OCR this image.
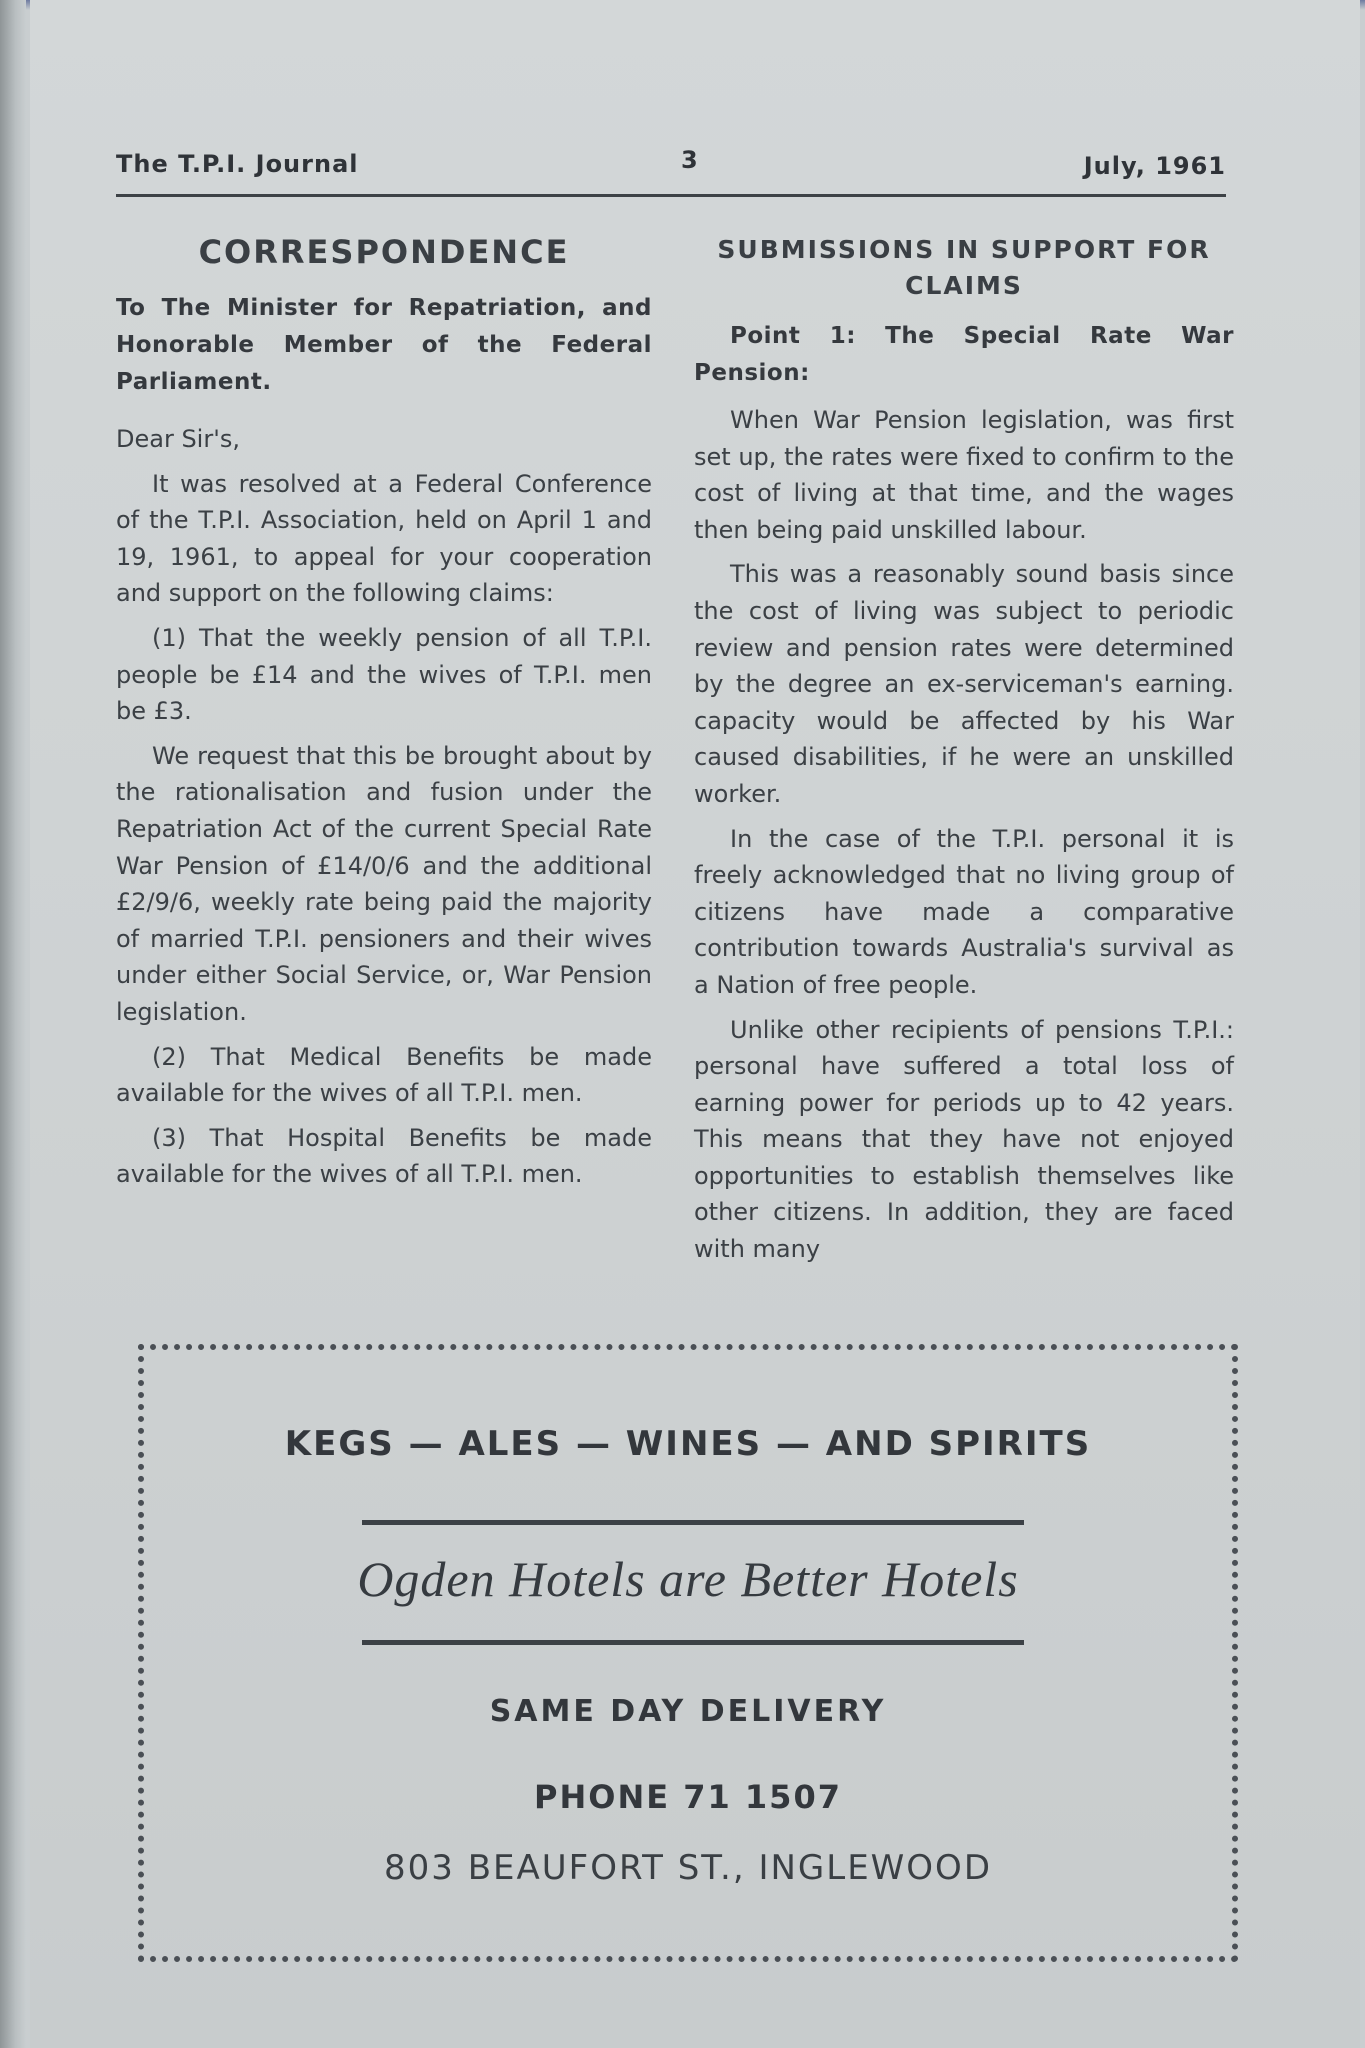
The T.P.I. Journal	3	July, 1961
CORRESPONDENCE
To The Minister for Repatriation, and Honorable Member of the Federal Parliament.

Dear Sir's,

It was resolved at a Federal Conference of the T.P.I. Association, held on April 1 and 19, 1961, to appeal for your cooperation and support on the following claims:

(1) That the weekly pension of all T.P.I. people be £14 and the wives of T.P.I. men be £3.

We request that this be brought about by the rationalisation and fusion under the Repatriation Act of the current Special Rate War Pension of £14/0/6 and the additional £2/9/6, weekly rate being paid the majority of married T.P.I. pensioners and their wives under either Social Service, or, War Pension legislation.

(2) That Medical Benefits be made available for the wives of all T.P.I. men.

(3) That Hospital Benefits be made available for the wives of all T.P.I. men.

SUBMISSIONS IN SUPPORT FOR CLAIMS
Point 1: The Special Rate War Pension:

When War Pension legislation, was first set up, the rates were fixed to confirm to the cost of living at that time, and the wages then being paid unskilled labour.

This was a reasonably sound basis since the cost of living was subject to periodic review and pension rates were determined by the degree an ex-serviceman's earning. capacity would be affected by his War caused disabilities, if he were an unskilled worker.

In the case of the T.P.I. personal it is freely acknowledged that no living group of citizens have made a comparative contribution towards Australia's survival as a Nation of free people.

Unlike other recipients of pensions T.P.I.: personal have suffered a total loss of earning power for periods up to 42 years. This means that they have not enjoyed opportunities to establish themselves like other citizens. In addition, they are faced with many

KEGS — ALES — WINES — AND SPIRITS
Ogden Hotels are Better Hotels
SAME DAY DELIVERY
PHONE 71 1507
803 BEAUFORT ST., INGLEWOOD
